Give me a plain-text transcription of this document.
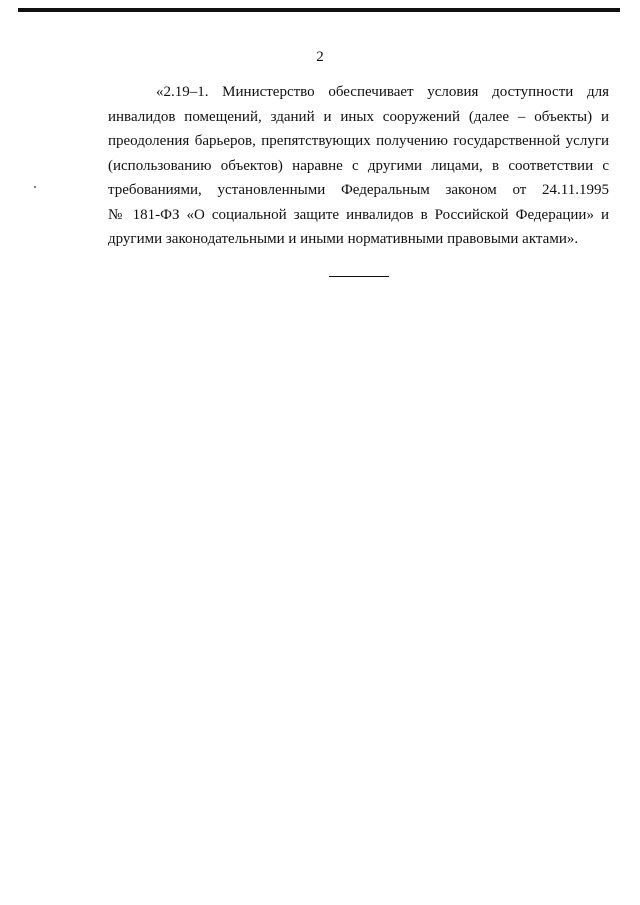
2

«2.19–1. Министерство обеспечивает условия доступности для
инвалидов помещений, зданий и иных сооружений (далее – объекты) и
преодоления барьеров, препятствующих получению государственной услуги
(использованию объектов) наравне с другими лицами, в соответствии с
требованиями, установленными Федеральным законом от 24.11.1995
№ 181-ФЗ «О социальной защите инвалидов в Российской Федерации» и
другими законодательными и иными нормативными правовыми актами».
